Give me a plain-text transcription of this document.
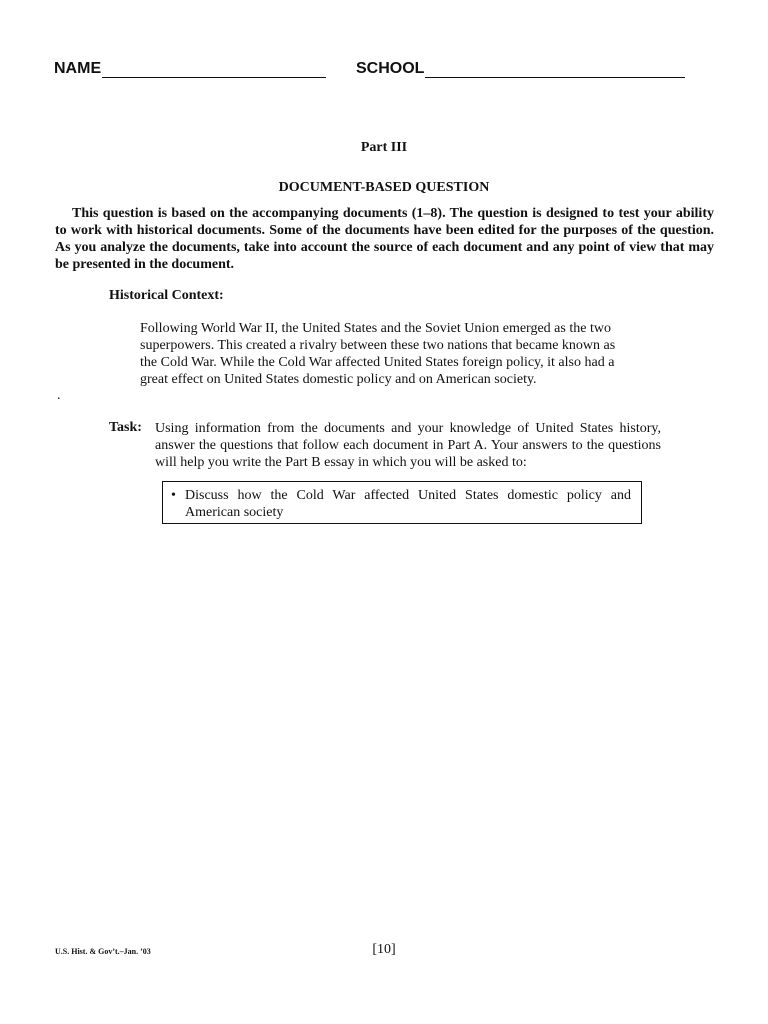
NAME	SCHOOL
Part III
DOCUMENT-BASED QUESTION
This question is based on the accompanying documents (1–8). The question is designed to test your ability to work with historical documents. Some of the documents have been edited for the purposes of the question. As you analyze the documents, take into account the source of each document and any point of view that may be presented in the document.
Historical Context:
Following World War II, the United States and the Soviet Union emerged as the two
superpowers. This created a rivalry between these two nations that became known as
the Cold War. While the Cold War affected United States foreign policy, it also had a
great effect on United States domestic policy and on American society.
.
Task: Using information from the documents and your knowledge of United States history, answer the questions that follow each document in Part A. Your answers to the questions will help you write the Part B essay in which you will be asked to:
• Discuss how the Cold War affected United States domestic policy and American society
U.S. Hist. & Gov’t.–Jan. ’03	[10]
